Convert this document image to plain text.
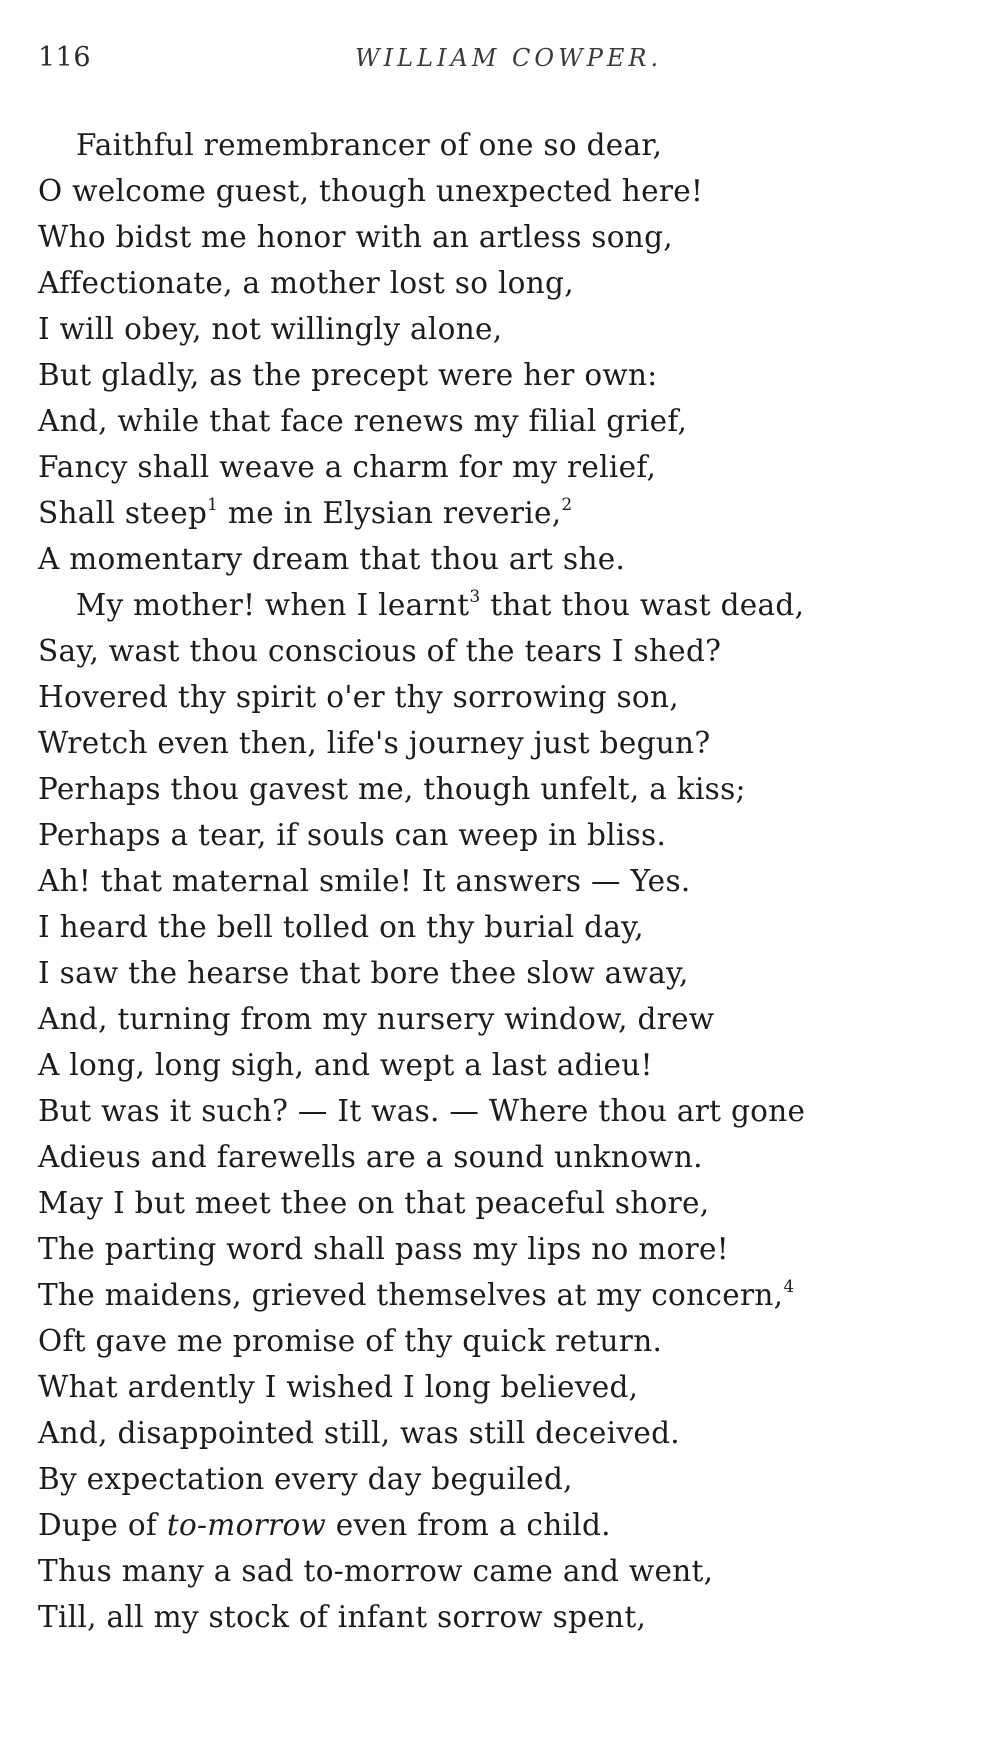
116	WILLIAM COWPER.
Faithful remembrancer of one so dear,
O welcome guest, though unexpected here!
Who bidst me honor with an artless song,
Affectionate, a mother lost so long,
I will obey, not willingly alone,
But gladly, as the precept were her own:
And, while that face renews my filial grief,
Fancy shall weave a charm for my relief,
Shall steep$^1$ me in Elysian reverie,$^2$
A momentary dream that thou art she.
My mother! when I learnt$^3$ that thou wast dead,
Say, wast thou conscious of the tears I shed?
Hovered thy spirit o'er thy sorrowing son,
Wretch even then, life's journey just begun?
Perhaps thou gavest me, though unfelt, a kiss;
Perhaps a tear, if souls can weep in bliss.
Ah! that maternal smile! It answers — Yes.
I heard the bell tolled on thy burial day,
I saw the hearse that bore thee slow away,
And, turning from my nursery window, drew
A long, long sigh, and wept a last adieu!
But was it such? — It was. — Where thou art gone
Adieus and farewells are a sound unknown.
May I but meet thee on that peaceful shore,
The parting word shall pass my lips no more!
The maidens, grieved themselves at my concern,$^4$
Oft gave me promise of thy quick return.
What ardently I wished I long believed,
And, disappointed still, was still deceived.
By expectation every day beguiled,
Dupe of to-morrow even from a child.
Thus many a sad to-morrow came and went,
Till, all my stock of infant sorrow spent,
